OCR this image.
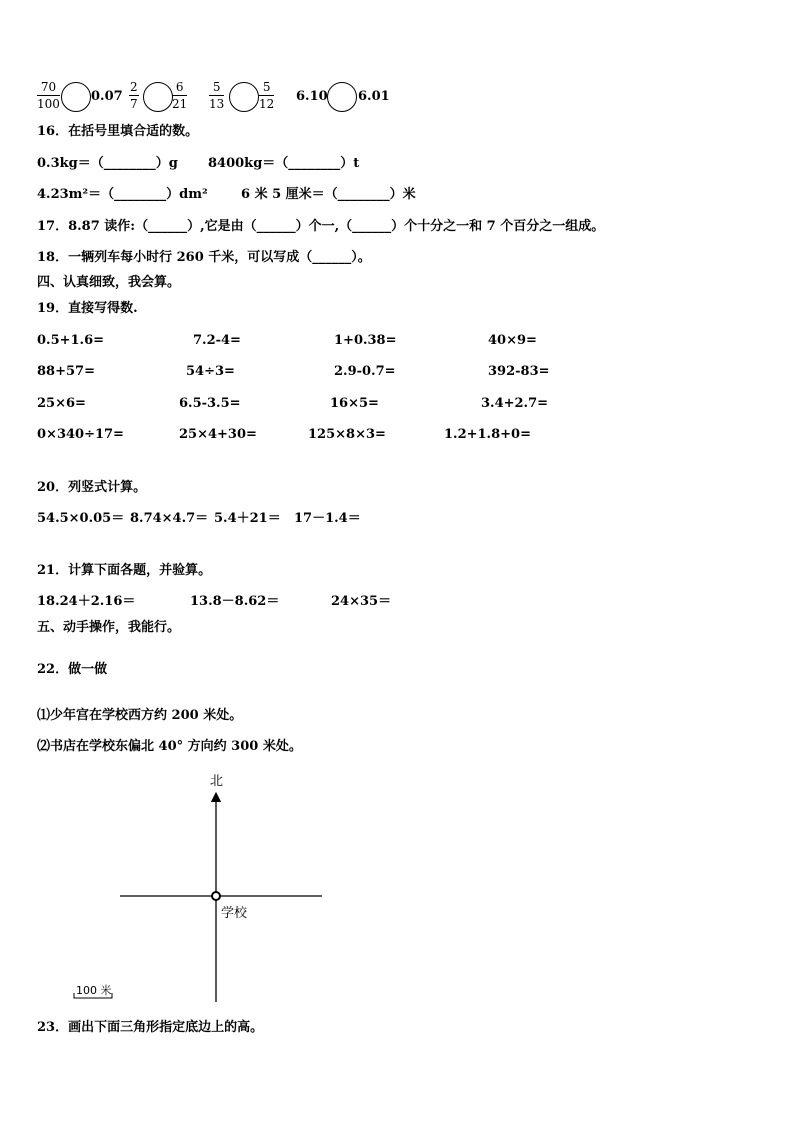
70
100 0.07
2
7
6
21
5
13
5
12 6.10 6.01
16．在括号里填合适的数。
0.3kg＝（________）g 8400kg＝（________）t
4.23m²＝（________）dm²	6 米 5 厘米＝（________）米
17．8.87 读作:（______）,它是由（______）个一,（______）个十分之一和 7 个百分之一组成。
18．一辆列车每小时行 260 千米，可以写成（______）。
四、认真细致，我会算。
19．直接写得数.
0.5+1.6=	7.2-4=	1+0.38=	40×9=
88+57=	54÷3=	2.9-0.7=	392-83=
25×6=	6.5-3.5=	16×5=	3.4+2.7=
0×340÷17=	25×4+30=	125×8×3=	1.2+1.8+0=
20．列竖式计算。
54.5×0.05＝ 8.74×4.7＝ 5.4＋21＝ 17－1.4＝
21．计算下面各题，并验算。
18.24＋2.16＝	13.8－8.62＝	24×35＝
五、动手操作，我能行。
22．做一做
⑴少年宫在学校西方约 200 米处。
⑵书店在学校东偏北 40° 方向约 300 米处。
北
学校
100 米
23．画出下面三角形指定底边上的高。
